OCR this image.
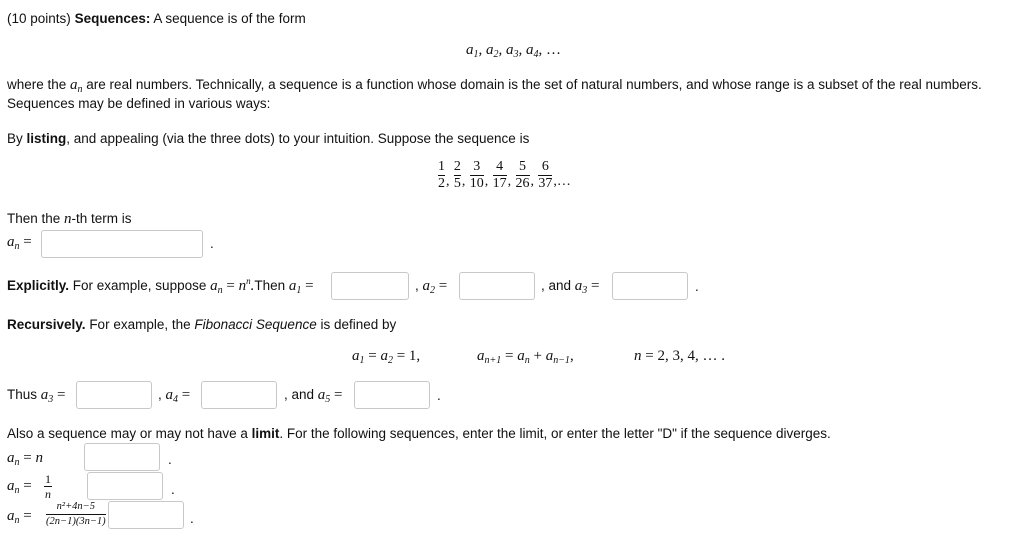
(10 points) Sequences: A sequence is of the form
$a_1$, $a_2$, $a_3$, $a_4$, …
where the $a_n$ are real numbers. Technically, a sequence is a function whose domain is the set of natural numbers, and whose range is a subset of the real numbers.
Sequences may be defined in various ways:
By listing, and appealing (via the three dots) to your intuition. Suppose the sequence is
$\frac{1}{2}$ , $\frac{2}{5}$ , $\frac{3}{10}$ , $\frac{4}{17}$ , $\frac{5}{26}$ , $\frac{6}{37}$ ,…
Then the n-th term is
$a_n$ =	.
Explicitly. For example, suppose $a_n$ = $n^n.Then$ $a_1$ =	, $a_2$ =	, and $a_3$ =	.
Recursively. For example, the Fibonacci Sequence is defined by
$a_1 = a_2 = 1$,	$a_{n+1} = a_n + a_{n-1}$,	n = 2, 3, 4, … .
Thus $a_3$ =	, $a_4$ =	, and $a_5$ =	.
Also a sequence may or may not have a limit. For the following sequences, enter the limit, or enter the letter "D" if the sequence diverges.
$a_n = n$	.
$a_n = \frac{1}{n}$	.
$a_n = \frac{\text{n²+4n−5}}{(2n-1)(3n-1)}$	.
